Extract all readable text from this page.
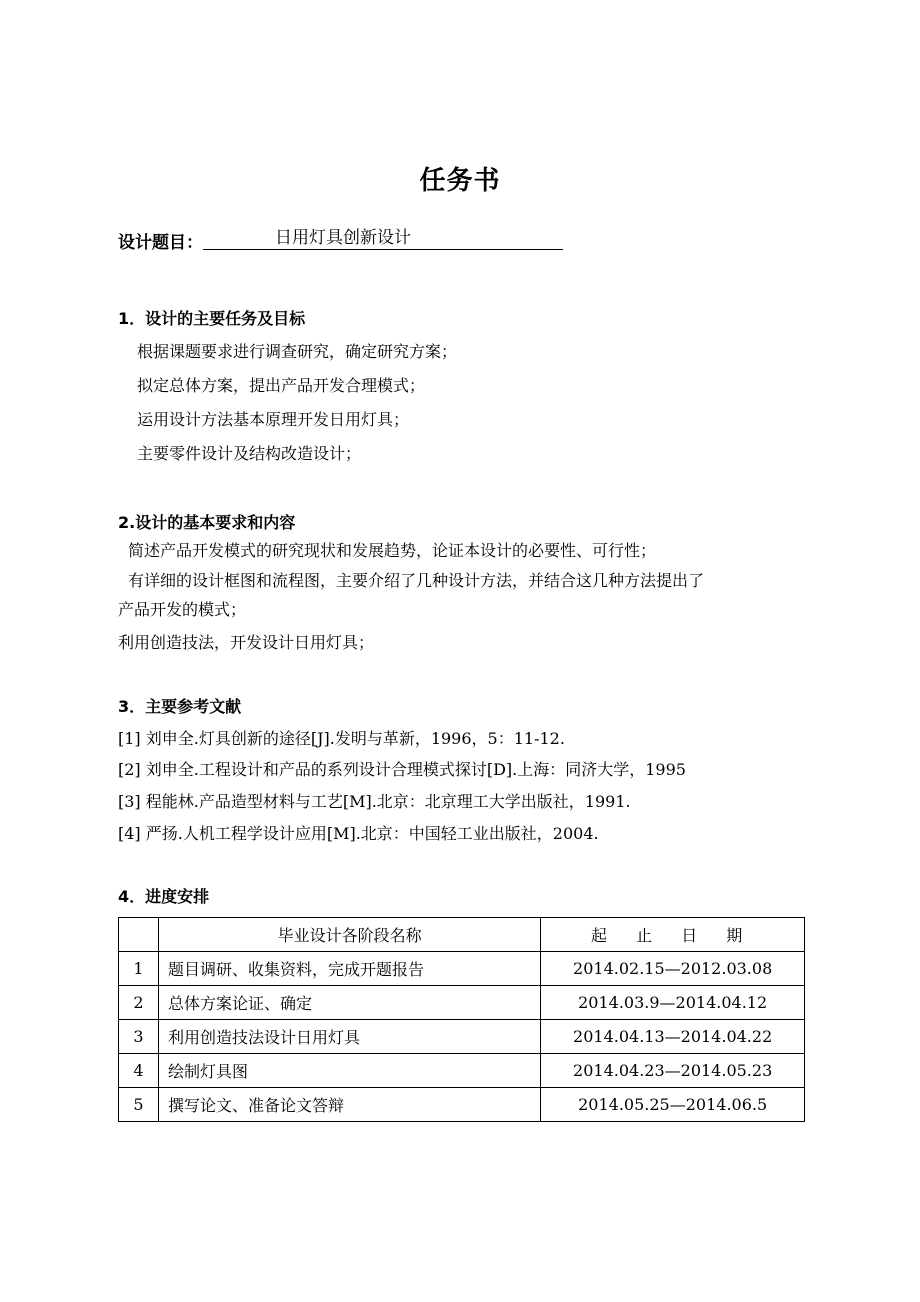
任务书
设计题目：	日用灯具创新设计
1．设计的主要任务及目标
根据课题要求进行调查研究，确定研究方案；
拟定总体方案，提出产品开发合理模式；
运用设计方法基本原理开发日用灯具；
主要零件设计及结构改造设计；
2.设计的基本要求和内容
简述产品开发模式的研究现状和发展趋势，论证本设计的必要性、可行性；
有详细的设计框图和流程图，主要介绍了几种设计方法，并结合这几种方法提出了
产品开发的模式；
利用创造技法，开发设计日用灯具；
3．主要参考文献
[1] 刘申全.灯具创新的途径[J].发明与革新，1996，5：11-12.
[2] 刘申全.工程设计和产品的系列设计合理模式探讨[D].上海：同济大学，1995
[3] 程能林.产品造型材料与工艺[M].北京：北京理工大学出版社，1991.
[4] 严扬.人机工程学设计应用[M].北京：中国轻工业出版社，2004.
4．进度安排
	毕业设计各阶段名称	起 止 日 期
1	题目调研、收集资料，完成开题报告	2014.02.15—2012.03.08
2	总体方案论证、确定	2014.03.9—2014.04.12
3	利用创造技法设计日用灯具	2014.04.13—2014.04.22
4	绘制灯具图	2014.04.23—2014.05.23
5	撰写论文、准备论文答辩	2014.05.25—2014.06.5
